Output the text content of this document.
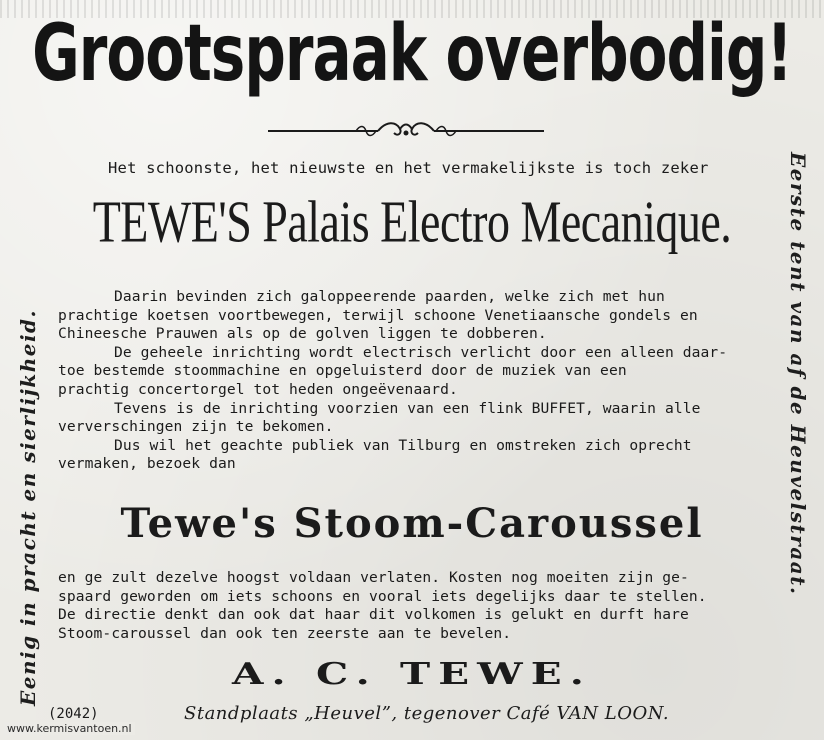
Grootspraak overbodig!
Eenig in pracht en sierlijkheid.	Eerste tent van af de Heuvelstraat.
Het schoonste, het nieuwste en het vermakelijkste is toch zeker
TEWE'S Palais Electro Mecanique.

Daarin bevinden zich galoppeerende paarden, welke zich met hun

prachtige koetsen voortbewegen, terwijl schoone Venetiaansche gondels en

Chineesche Prauwen als op de golven liggen te dobberen.

De geheele inrichting wordt electrisch verlicht door een alleen daar-

toe bestemde stoommachine en opgeluisterd door de muziek van een

prachtig concertorgel tot heden ongeëvenaard.

Tevens is de inrichting voorzien van een flink BUFFET, waarin alle

ververschingen zijn te bekomen.

Dus wil het geachte publiek van Tilburg en omstreken zich oprecht

vermaken, bezoek dan

Tewe's Stoom-Caroussel

en ge zult dezelve hoogst voldaan verlaten. Kosten nog moeiten zijn ge-

spaard geworden om iets schoons en vooral iets degelijks daar te stellen.

De directie denkt dan ook dat haar dit volkomen is gelukt en durft hare

Stoom-caroussel dan ook ten zeerste aan te bevelen.

A. C. TEWE.
(2042)	Standplaats „Heuvel”, tegenover Café VAN LOON.
www.kermisvantoen.nl
